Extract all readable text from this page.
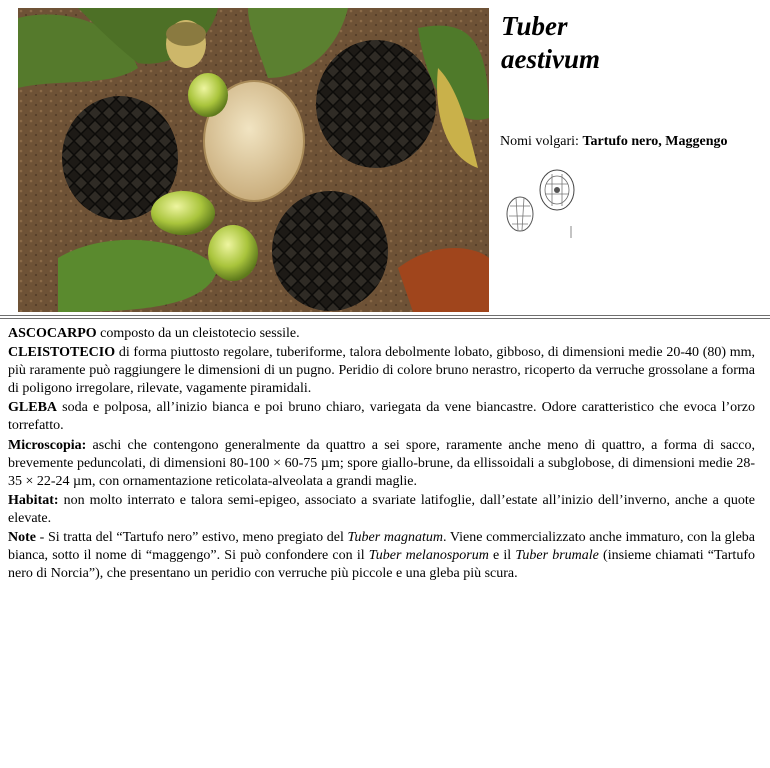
Tuber
aestivum
Nomi volgari: Tartufo nero, Maggengo

ASCOCARPO composto da un cleistotecio sessile.

CLEISTOTECIO di forma piuttosto regolare, tuberiforme, talora debolmente lobato, gibboso, di dimensioni medie 20-40 (80) mm, più raramente può raggiungere le dimensioni di un pugno. Peridio di colore bruno nerastro, ricoperto da verruche grossolane a forma di poligono irregolare, rilevate, vagamente piramidali.

GLEBA soda e polposa, all’inizio bianca e poi bruno chiaro, variegata da vene biancastre. Odore caratteristico che evoca l’orzo torrefatto.

Microscopia: aschi che contengono generalmente da quattro a sei spore, raramente anche meno di quattro, a forma di sacco, brevemente peduncolati, di dimensioni 80-100 × 60-75 µm; spore giallo-brune, da ellissoidali a subglobose, di dimensioni medie 28-35 × 22-24 µm, con ornamentazione reticolata-alveolata a grandi maglie.

Habitat: non molto interrato e talora semi-epigeo, associato a svariate latifoglie, dall’estate all’inizio dell’inverno, anche a quote elevate.

Note - Si tratta del “Tartufo nero” estivo, meno pregiato del Tuber magnatum. Viene commercializzato anche immaturo, con la gleba bianca, sotto il nome di “maggengo”. Si può confondere con il Tuber melanosporum e il Tuber brumale (insieme chiamati “Tartufo nero di Norcia”), che presentano un peridio con verruche più piccole e una gleba più scura.
